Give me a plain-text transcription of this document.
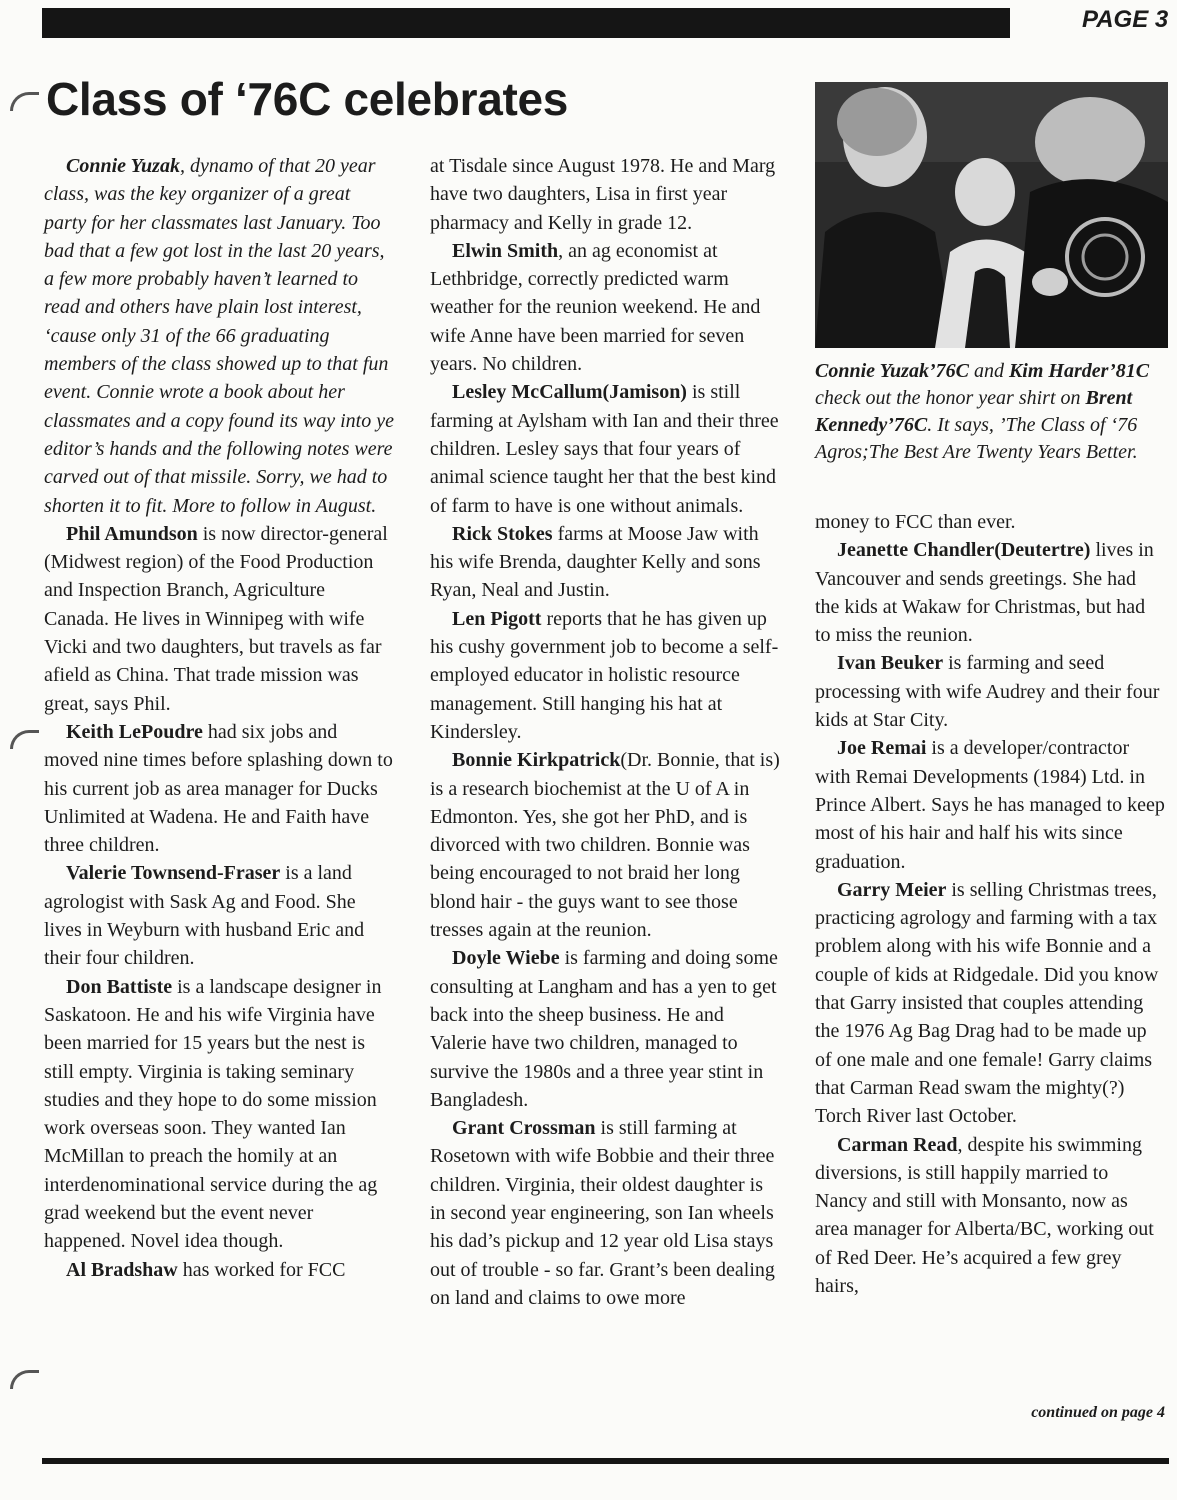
PAGE 3
Class of ‘76C celebrates

Connie Yuzak, dynamo of that 20 year class, was the key organizer of a great party for her classmates last January. Too bad that a few got lost in the last 20 years, a few more probably haven’t learned to read and others have plain lost interest, ‘cause only 31 of the 66 graduating members of the class showed up to that fun event. Connie wrote a book about her classmates and a copy found its way into ye editor’s hands and the following notes were carved out of that missile. Sorry, we had to shorten it to fit. More to follow in August.

Phil Amundson is now director-general (Midwest region) of the Food Production and Inspection Branch, Agriculture Canada. He lives in Winnipeg with wife Vicki and two daughters, but travels as far afield as China. That trade mission was great, says Phil.

Keith LePoudre had six jobs and moved nine times before splashing down to his current job as area manager for Ducks Unlimited at Wadena. He and Faith have three children.

Valerie Townsend-Fraser is a land agrologist with Sask Ag and Food. She lives in Weyburn with husband Eric and their four children.

Don Battiste is a landscape designer in Saskatoon. He and his wife Virginia have been married for 15 years but the nest is still empty. Virginia is taking seminary studies and they hope to do some mission work overseas soon. They wanted Ian McMillan to preach the homily at an interdenominational service during the ag grad weekend but the event never happened. Novel idea though.

Al Bradshaw has worked for FCC

at Tisdale since August 1978. He and Marg have two daughters, Lisa in first year pharmacy and Kelly in grade 12.

Elwin Smith, an ag economist at Lethbridge, correctly predicted warm weather for the reunion weekend. He and wife Anne have been married for seven years. No children.

Lesley McCallum(Jamison) is still farming at Aylsham with Ian and their three children. Lesley says that four years of animal science taught her that the best kind of farm to have is one without animals.

Rick Stokes farms at Moose Jaw with his wife Brenda, daughter Kelly and sons Ryan, Neal and Justin.

Len Pigott reports that he has given up his cushy government job to become a self-employed educator in holistic resource management. Still hanging his hat at Kindersley.

Bonnie Kirkpatrick(Dr. Bonnie, that is) is a research biochemist at the U of A in Edmonton. Yes, she got her PhD, and is divorced with two children. Bonnie was being encouraged to not braid her long blond hair - the guys want to see those tresses again at the reunion.

Doyle Wiebe is farming and doing some consulting at Langham and has a yen to get back into the sheep business. He and Valerie have two children, managed to survive the 1980s and a three year stint in Bangladesh.

Grant Crossman is still farming at Rosetown with wife Bobbie and their three children. Virginia, their oldest daughter is in second year engineering, son Ian wheels his dad’s pickup and 12 year old Lisa stays out of trouble - so far. Grant’s been dealing on land and claims to owe more

Connie Yuzak’76C and Kim Harder’81C check out the honor year shirt on Brent Kennedy’76C. It says, ’The Class of ‘76 Agros;The Best Are Twenty Years Better.

money to FCC than ever.

Jeanette Chandler(Deutertre) lives in Vancouver and sends greetings. She had the kids at Wakaw for Christmas, but had to miss the reunion.

Ivan Beuker is farming and seed processing with wife Audrey and their four kids at Star City.

Joe Remai is a developer/contractor with Remai Developments (1984) Ltd. in Prince Albert. Says he has managed to keep most of his hair and half his wits since graduation.

Garry Meier is selling Christmas trees, practicing agrology and farming with a tax problem along with his wife Bonnie and a couple of kids at Ridgedale. Did you know that Garry insisted that couples attending the 1976 Ag Bag Drag had to be made up of one male and one female! Garry claims that Carman Read swam the mighty(?) Torch River last October.

Carman Read, despite his swimming diversions, is still happily married to Nancy and still with Monsanto, now as area manager for Alberta/BC, working out of Red Deer. He’s acquired a few grey hairs,

continued on page 4
